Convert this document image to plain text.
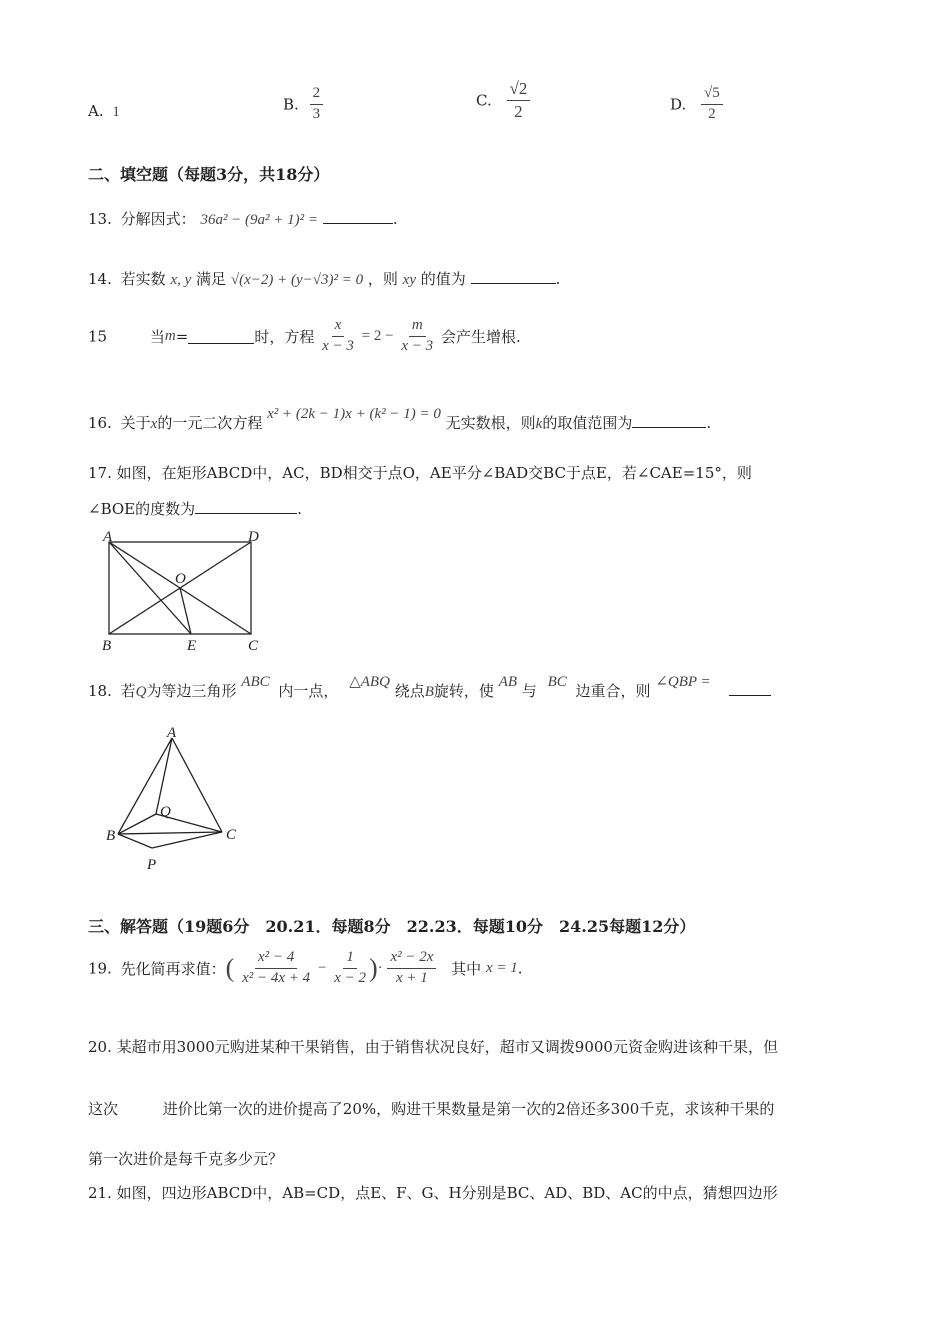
A. 1	B. $\frac{2}{3}$	C. $\frac{√2}{2}$	D. $\frac{√5}{2}$
二、填空题（每题3分，共18分）
13. 分解因式： 36a² − (9a² + 1)² =	.
14. 若实数 x, y 满足 √(x−2) + (y−√3)² = 0 ，则 xy 的值为	.
15	当m=	时，方程 $\frac{x}{x - 3} = 2 - \frac{m}{x - 3}$ 会产生增根.
16. 关于x的一元二次方程 x² + (2k − 1)x + (k² − 1) = 0 无实数根，则k的取值范围为	.
17. 如图，在矩形ABCD中，AC，BD相交于点O，AE平分∠BAD交BC于点E，若∠CAE=15°，则
∠BOE的度数为	.
A	D
O
B	E	C
18. 若Q为等边三角形 ABC 内一点， △ABQ 绕点B旋转，使 AB 与 BC 边重合，则 ∠QBP =
A
Q
B	C
P
三、解答题（19题6分　20.21．每题8分　22.23．每题10分　24.25每题12分）
19. 先化简再求值：( $\frac{\text{x² − 4}}{\text{x² − 4x + 4}} - \frac{1}{x - 2}$ )· $\frac{\text{x² − 2x}}{x + 1}$ 其中 x = 1.
20. 某超市用3000元购进某种干果销售，由于销售状况良好，超市又调拨9000元资金购进该种干果，但
这次	进价比第一次的进价提高了20%，购进干果数量是第一次的2倍还多300千克，求该种干果的
第一次进价是每千克多少元？
21. 如图，四边形ABCD中，AB=CD，点E、F、G、H分别是BC、AD、BD、AC的中点，猜想四边形
